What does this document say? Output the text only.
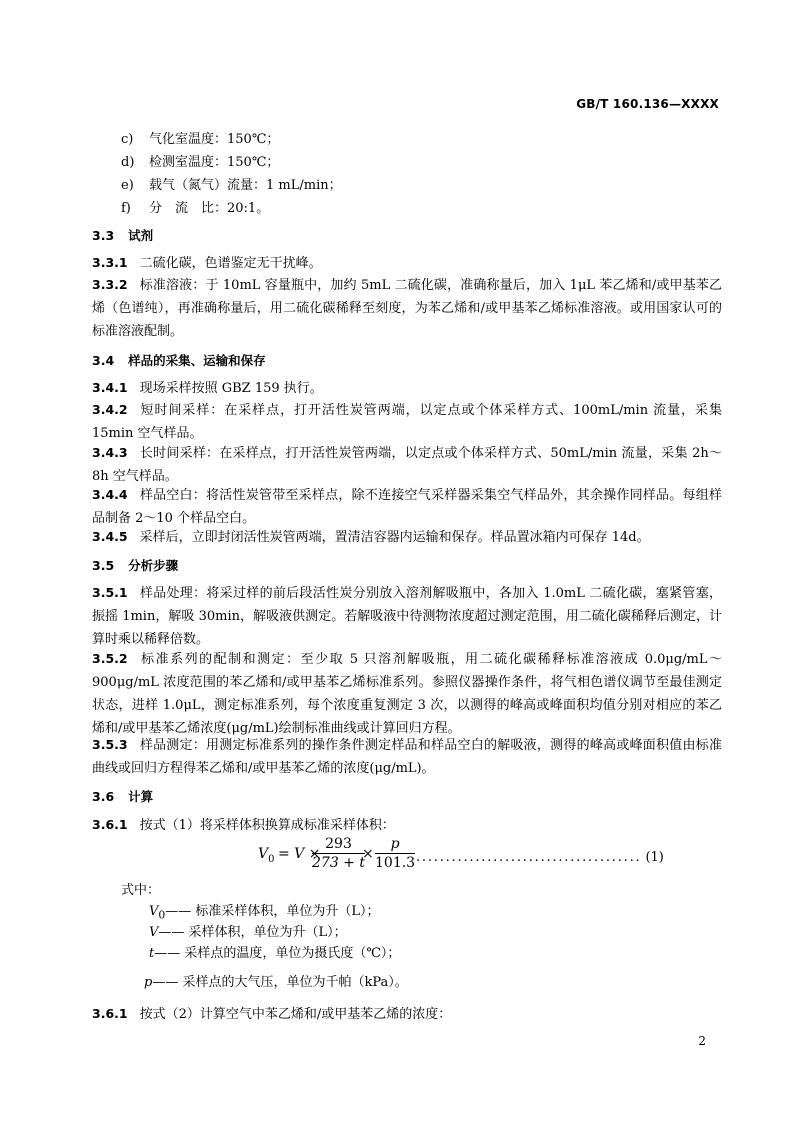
GB/T 160.136—XXXX
c) 气化室温度：150℃；
d) 检测室温度：150℃；
e) 载气（氮气）流量：1 mL/min；
f) 分　流　比：20:1。
3.3 试剂
3.3.1 二硫化碳，色谱鉴定无干扰峰。
3.3.2 标准溶液：于 10mL 容量瓶中，加约 5mL 二硫化碳，准确称量后，加入 1μL 苯乙烯和/或甲基苯乙烯（色谱纯），再准确称量后，用二硫化碳稀释至刻度，为苯乙烯和/或甲基苯乙烯标准溶液。或用国家认可的标准溶液配制。
3.4 样品的采集、运输和保存
3.4.1 现场采样按照 GBZ 159 执行。
3.4.2 短时间采样：在采样点，打开活性炭管两端，以定点或个体采样方式、100mL/min 流量，采集15min 空气样品。
3.4.3 长时间采样：在采样点，打开活性炭管两端，以定点或个体采样方式、50mL/min 流量，采集 2h～8h 空气样品。
3.4.4 样品空白：将活性炭管带至采样点，除不连接空气采样器采集空气样品外，其余操作同样品。每组样品制备 2～10 个样品空白。
3.4.5 采样后，立即封闭活性炭管两端，置清洁容器内运输和保存。样品置冰箱内可保存 14d。
3.5 分析步骤
3.5.1 样品处理：将采过样的前后段活性炭分别放入溶剂解吸瓶中，各加入 1.0mL 二硫化碳，塞紧管塞，振摇 1min，解吸 30min，解吸液供测定。若解吸液中待测物浓度超过测定范围，用二硫化碳稀释后测定，计算时乘以稀释倍数。
3.5.2 标准系列的配制和测定：至少取 5 只溶剂解吸瓶，用二硫化碳稀释标准溶液成 0.0μg/mL～900μg/mL 浓度范围的苯乙烯和/或甲基苯乙烯标准系列。参照仪器操作条件，将气相色谱仪调节至最佳测定状态，进样 1.0μL，测定标准系列，每个浓度重复测定 3 次，以测得的峰高或峰面积均值分别对相应的苯乙烯和/或甲基苯乙烯浓度(μg/mL)绘制标准曲线或计算回归方程。
3.5.3 样品测定：用测定标准系列的操作条件测定样品和样品空白的解吸液，测得的峰高或峰面积值由标准曲线或回归方程得苯乙烯和/或甲基苯乙烯的浓度(μg/mL)。
3.6 计算
3.6.1 按式（1）将采样体积换算成标准采样体积：
$V_0 = V$ ×
$\frac{293}{273 + t}$
× $\frac{p}{101.3}$ ...................................... (1)
式中：
$V_0——$ 标准采样体积，单位为升（L）；
V—— 采样体积，单位为升（L）；
t—— 采样点的温度，单位为摄氏度（℃）；
p—— 采样点的大气压，单位为千帕（kPa）。
3.6.1 按式（2）计算空气中苯乙烯和/或甲基苯乙烯的浓度：
2
